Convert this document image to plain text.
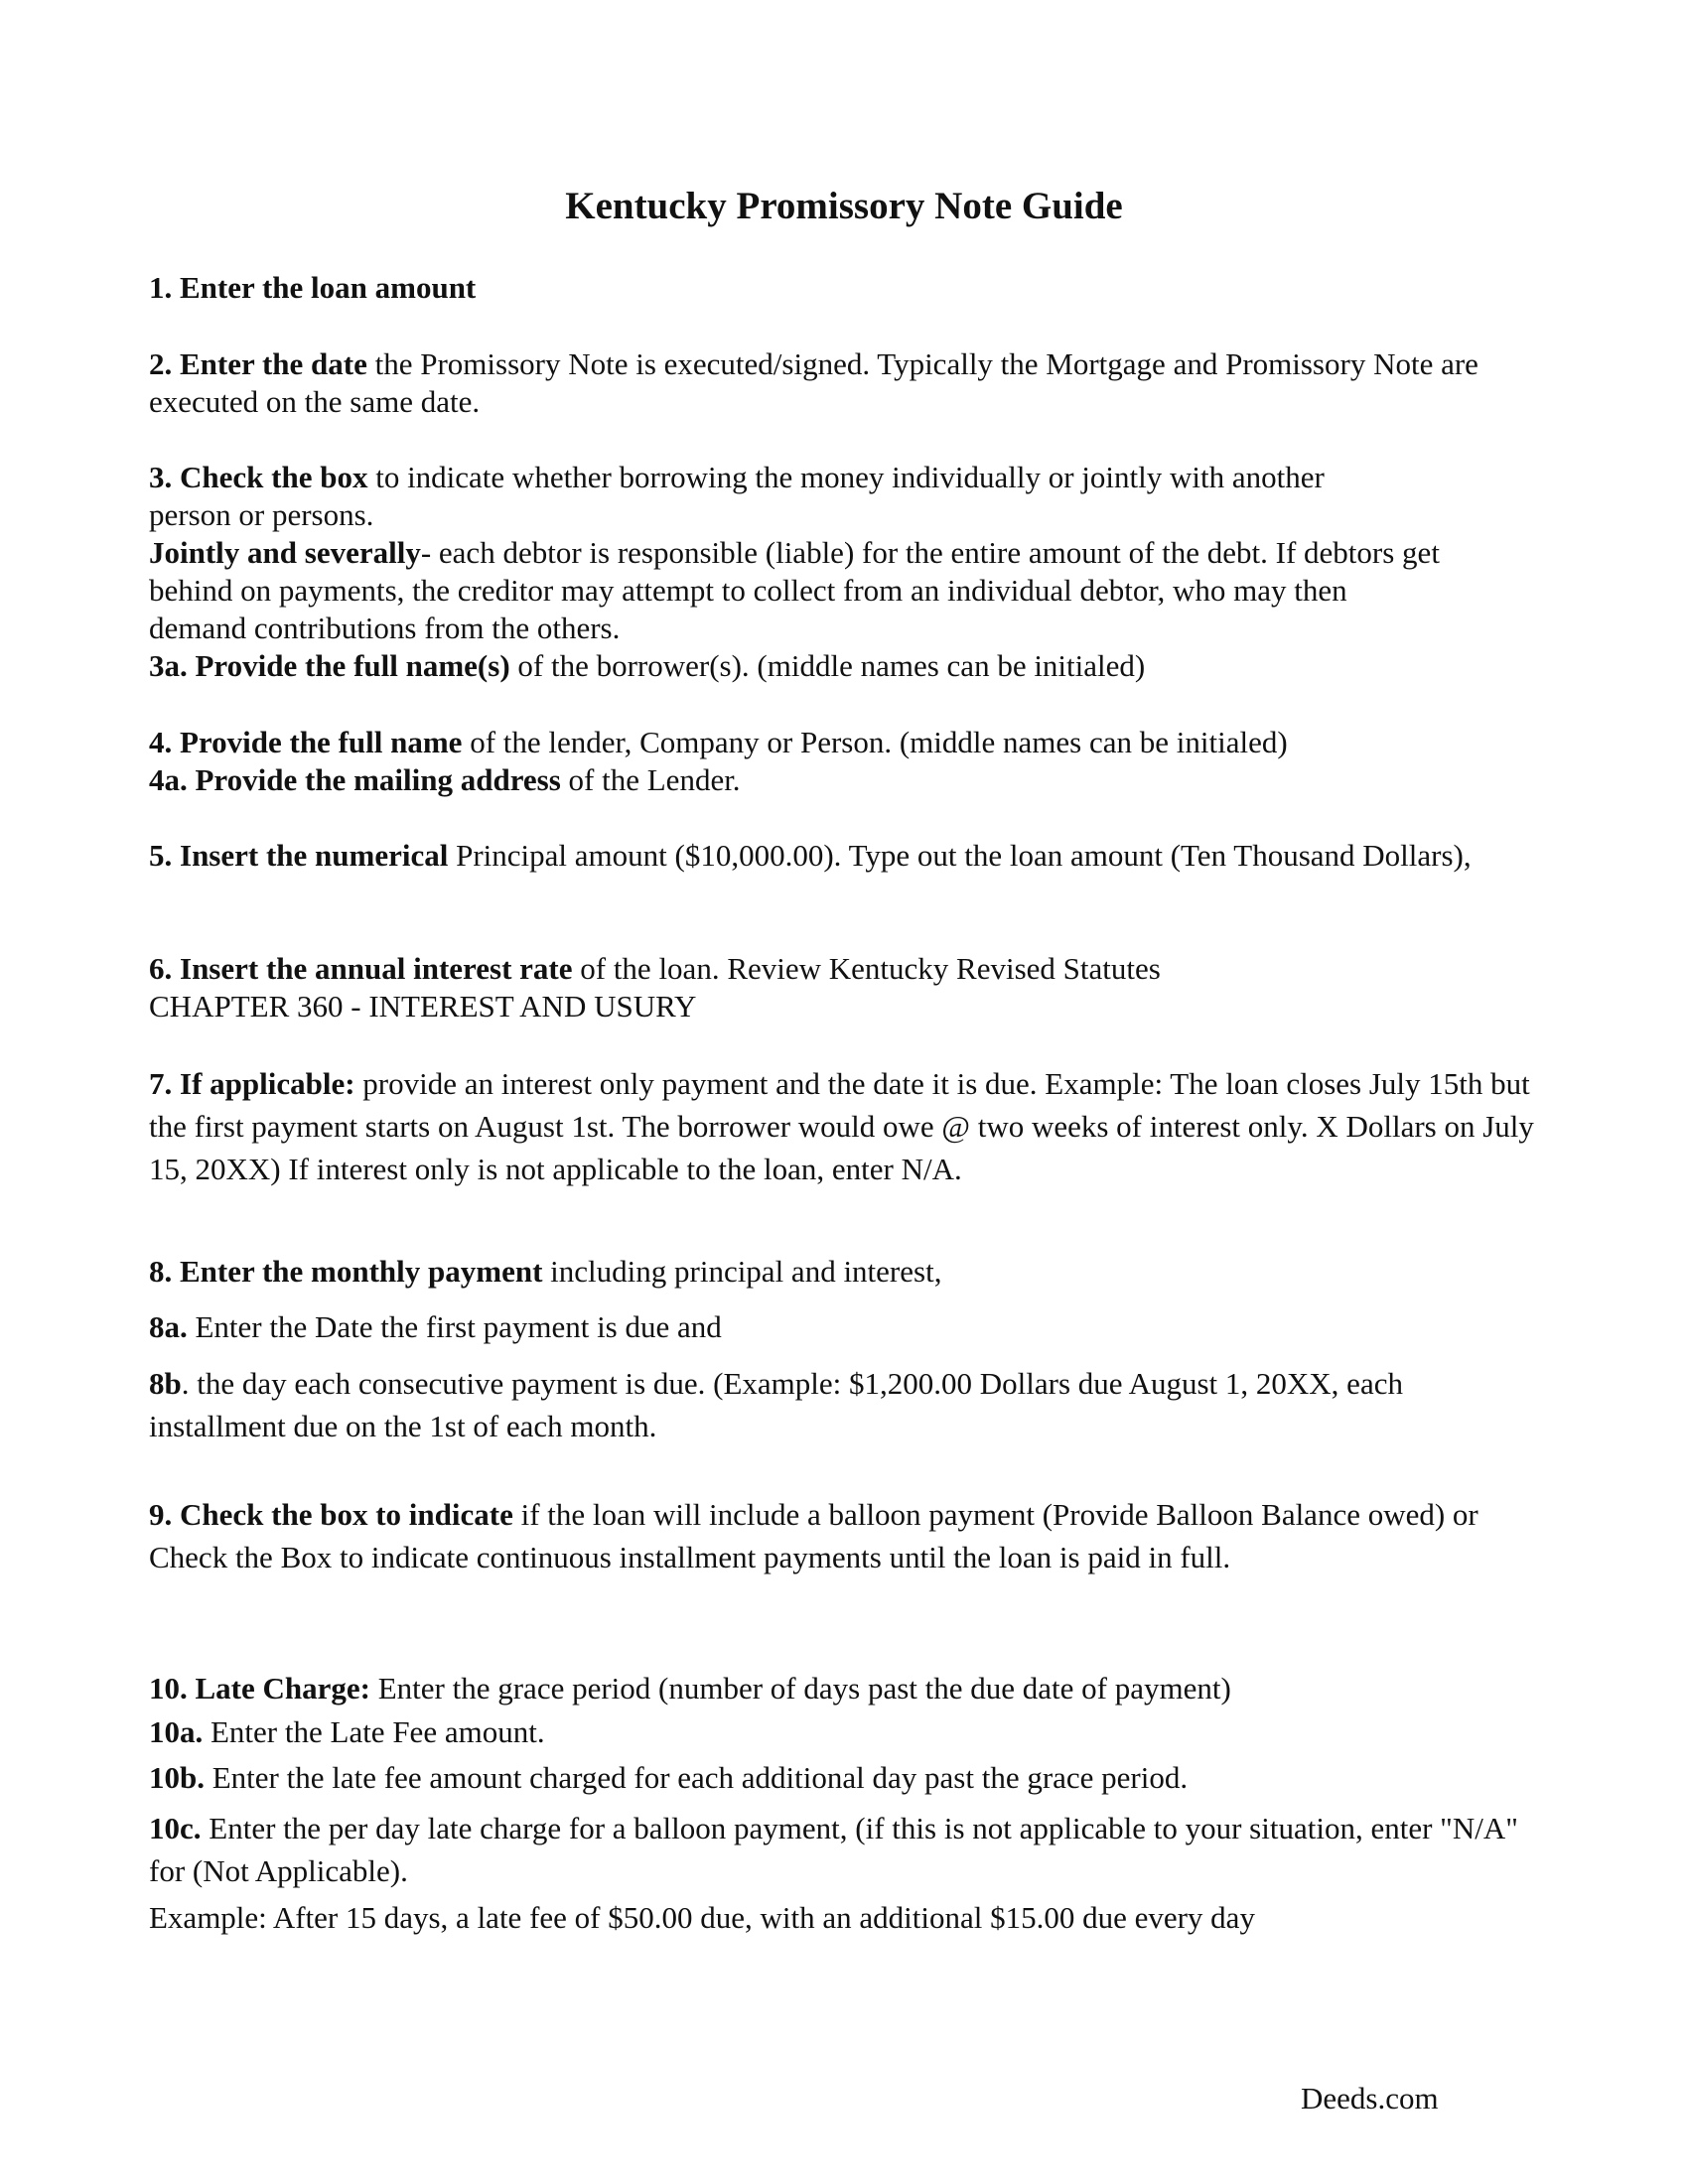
Kentucky Promissory Note Guide
1. Enter the loan amount
2. Enter the date the Promissory Note is executed/signed. Typically the Mortgage and Promissory Note are executed on the same date.
3. Check the box to indicate whether borrowing the money individually or jointly with another person or persons.
Jointly and severally- each debtor is responsible (liable) for the entire amount of the debt. If debtors get behind on payments, the creditor may attempt to collect from an individual debtor, who may then demand contributions from the others.
3a. Provide the full name(s) of the borrower(s). (middle names can be initialed)
4. Provide the full name of the lender, Company or Person. (middle names can be initialed)
4a. Provide the mailing address of the Lender.
5. Insert the numerical Principal amount ($10,000.00). Type out the loan amount (Ten Thousand Dollars),
6. Insert the annual interest rate of the loan. Review Kentucky Revised Statutes
CHAPTER 360 - INTEREST AND USURY
7. If applicable: provide an interest only payment and the date it is due. Example: The loan closes July 15th but the first payment starts on August 1st. The borrower would owe @ two weeks of interest only. X Dollars on July 15, 20XX) If interest only is not applicable to the loan, enter N/A.
8. Enter the monthly payment including principal and interest,
8a. Enter the Date the first payment is due and
8b. the day each consecutive payment is due. (Example: $1,200.00 Dollars due August 1, 20XX, each installment due on the 1st of each month.
9. Check the box to indicate if the loan will include a balloon payment (Provide Balloon Balance owed) or
Check the Box to indicate continuous installment payments until the loan is paid in full.
10. Late Charge: Enter the grace period (number of days past the due date of payment)
10a. Enter the Late Fee amount.
10b. Enter the late fee amount charged for each additional day past the grace period.
10c. Enter the per day late charge for a balloon payment, (if this is not applicable to your situation, enter "N/A" for (Not Applicable).
Example: After 15 days, a late fee of $50.00 due, with an additional $15.00 due every day
Deeds.com
